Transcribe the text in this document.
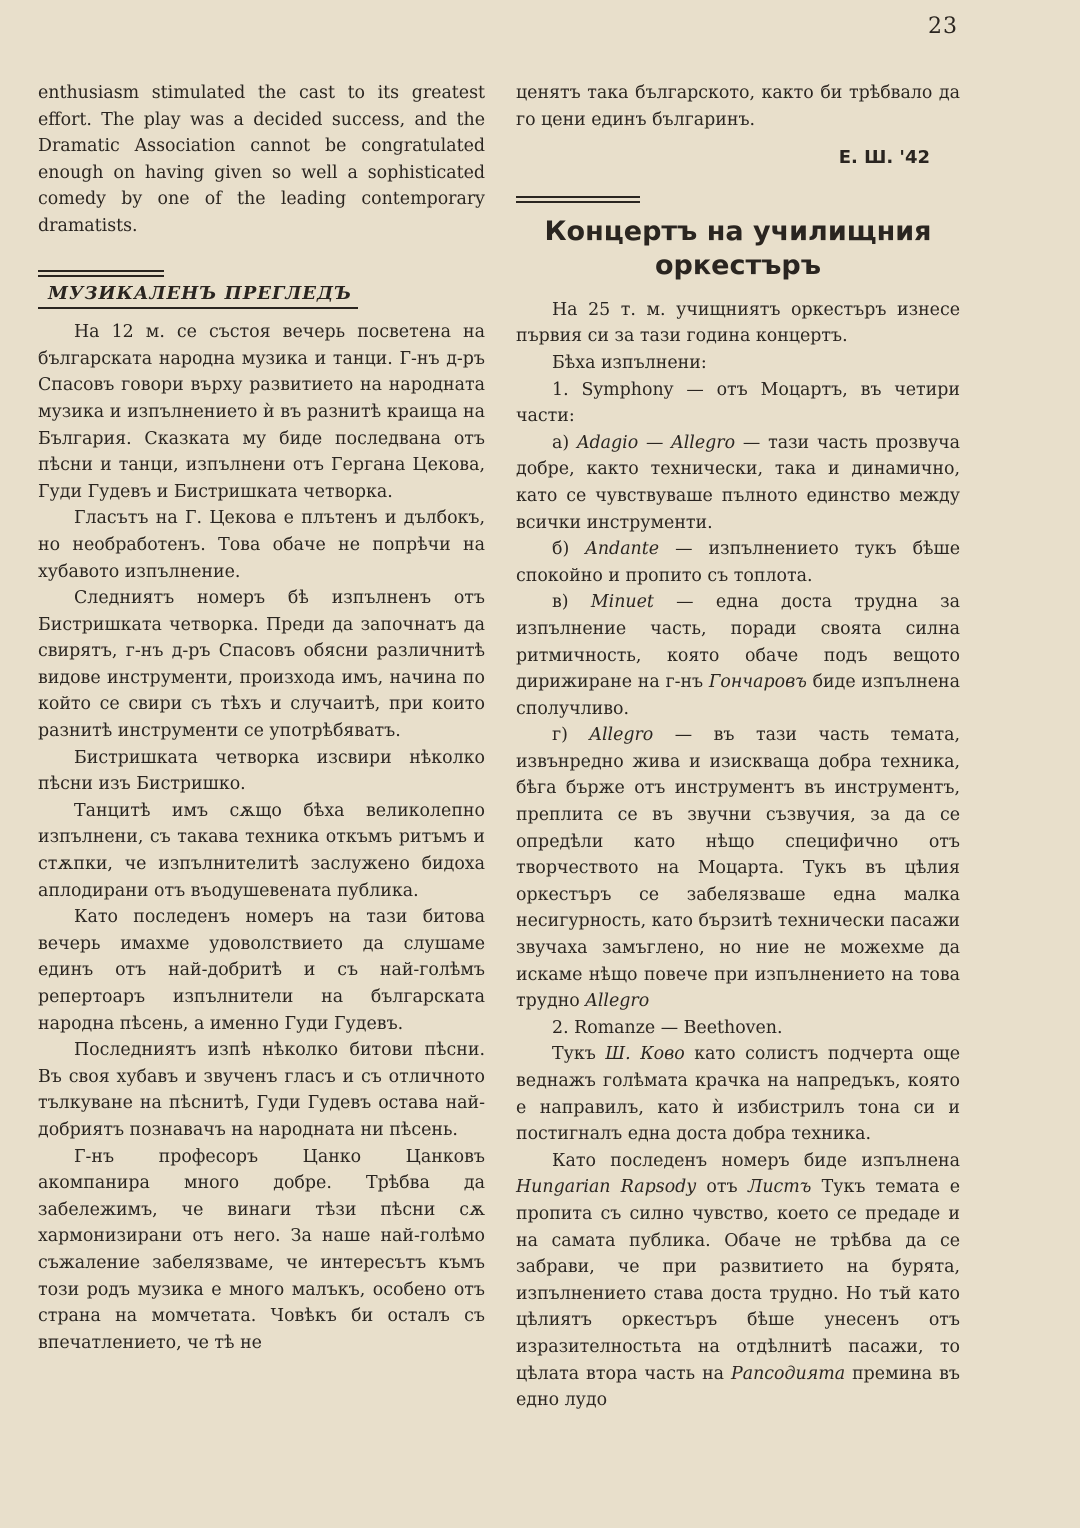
23

enthusiasm stimulated the cast to its greatest effort. The play was a decided success, and the Dramatic Association cannot be congratulated enough on having given so well a sophisticated comedy by one of the leading contemporary dramatists.

МУЗИКАЛЕНЪ ПРЕГЛЕДЪ

На 12 м. се състоя вечерь посветена на българската народна музика и танци. Г-нъ д-ръ Спасовъ говори върху развитието на народната музика и изпълнението ѝ въ разнитѣ краища на България. Сказката му биде последвана отъ пѣсни и танци, изпълнени отъ Гергана Цекова, Гуди Гудевъ и Бистришката четворка.

Гласътъ на Г. Цекова е плътенъ и дълбокъ, но необработенъ. Това обаче не попрѣчи на хубавото изпълнение.

Следниятъ номеръ бѣ изпълненъ отъ Бистришката четворка. Преди да започнатъ да свирятъ, г-нъ д-ръ Спасовъ обясни различнитѣ видове инструменти, произхода имъ, начина по който се свири съ тѣхъ и случаитѣ, при които разнитѣ инструменти се употрѣбяватъ.

Бистришката четворка изсвири нѣколко пѣсни изъ Бистришко.

Танцитѣ имъ сѫщо бѣха великолепно изпълнени, съ такава техника откъмъ ритъмъ и стѫпки, че изпълнителитѣ заслужено бидоха аплодирани отъ въодушевената публика.

Като последенъ номеръ на тази битова вечерь имахме удоволствието да слушаме единъ отъ най-добритѣ и съ най-голѣмъ репертоаръ изпълнители на българската народна пѣсень, а именно Гуди Гудевъ.

Последниятъ изпѣ нѣколко битови пѣсни. Въ своя хубавъ и звученъ гласъ и съ отличното тълкуване на пѣснитѣ, Гуди Гудевъ остава най-добриятъ познавачъ на народната ни пѣсень.

Г-нъ професоръ Цанко Цанковъ акомпанира много добре. Трѣбва да забележимъ, че винаги тѣзи пѣсни сѫ хармонизирани отъ него. За наше най-голѣмо съжаление забелязваме, че интересътъ къмъ този родъ музика е много малъкъ, особено отъ страна на момчетата. Човѣкъ би осталъ съ впечатлението, че тѣ не

ценятъ така българското, както би трѣбвало да го цени единъ българинъ.

Е. Ш. '42
Концертъ на училищния оркестъръ

На 25 т. м. учищниятъ оркестъръ изнесе първия си за тази година концертъ.

Бѣха изпълнени:

1. Symphony — отъ Моцартъ, въ четири части:

а) Adagio — Allegro — тази часть прозвуча добре, както технически, така и динамично, като се чувствуваше пълното единство между всички инструменти.

б) Andante — изпълнението тукъ бѣше спокойно и пропито съ топлота.

в) Minuet — една доста трудна за изпълнение часть, поради своята силна ритмичность, която обаче подъ вещото дирижиране на г-нъ Гончаровъ биде изпълнена сполучливо.

г) Allegro — въ тази часть темата, извънредно жива и изискваща добра техника, бѣга бърже отъ инструментъ въ инструментъ, преплита се въ звучни съзвучия, за да се опредѣли като нѣщо специфично отъ творчеството на Моцарта. Тукъ въ цѣлия оркестъръ се забелязваше една малка несигурность, като бързитѣ технически пасажи звучаха замъглено, но ние не можехме да искаме нѣщо повече при изпълнението на това трудно Allegro

2. Romanze — Beethoven.

Тукъ Ш. Ково като солистъ подчерта още веднажъ голѣмата крачка на напредъкъ, която е направилъ, като ѝ избистрилъ тона си и постигналъ една доста добра техника.

Като последенъ номеръ биде изпълнена Hungarian Rapsody отъ Листъ Тукъ темата е пропита съ силно чувство, което се предаде и на самата публика. Обаче не трѣбва да се забрави, че при развитието на бурята, изпълнението става доста трудно. Но тъй като цѣлиятъ оркестъръ бѣше унесенъ отъ изразителностьта на отдѣлнитѣ пасажи, то цѣлата втора часть на Рапсодията премина въ едно лудо
